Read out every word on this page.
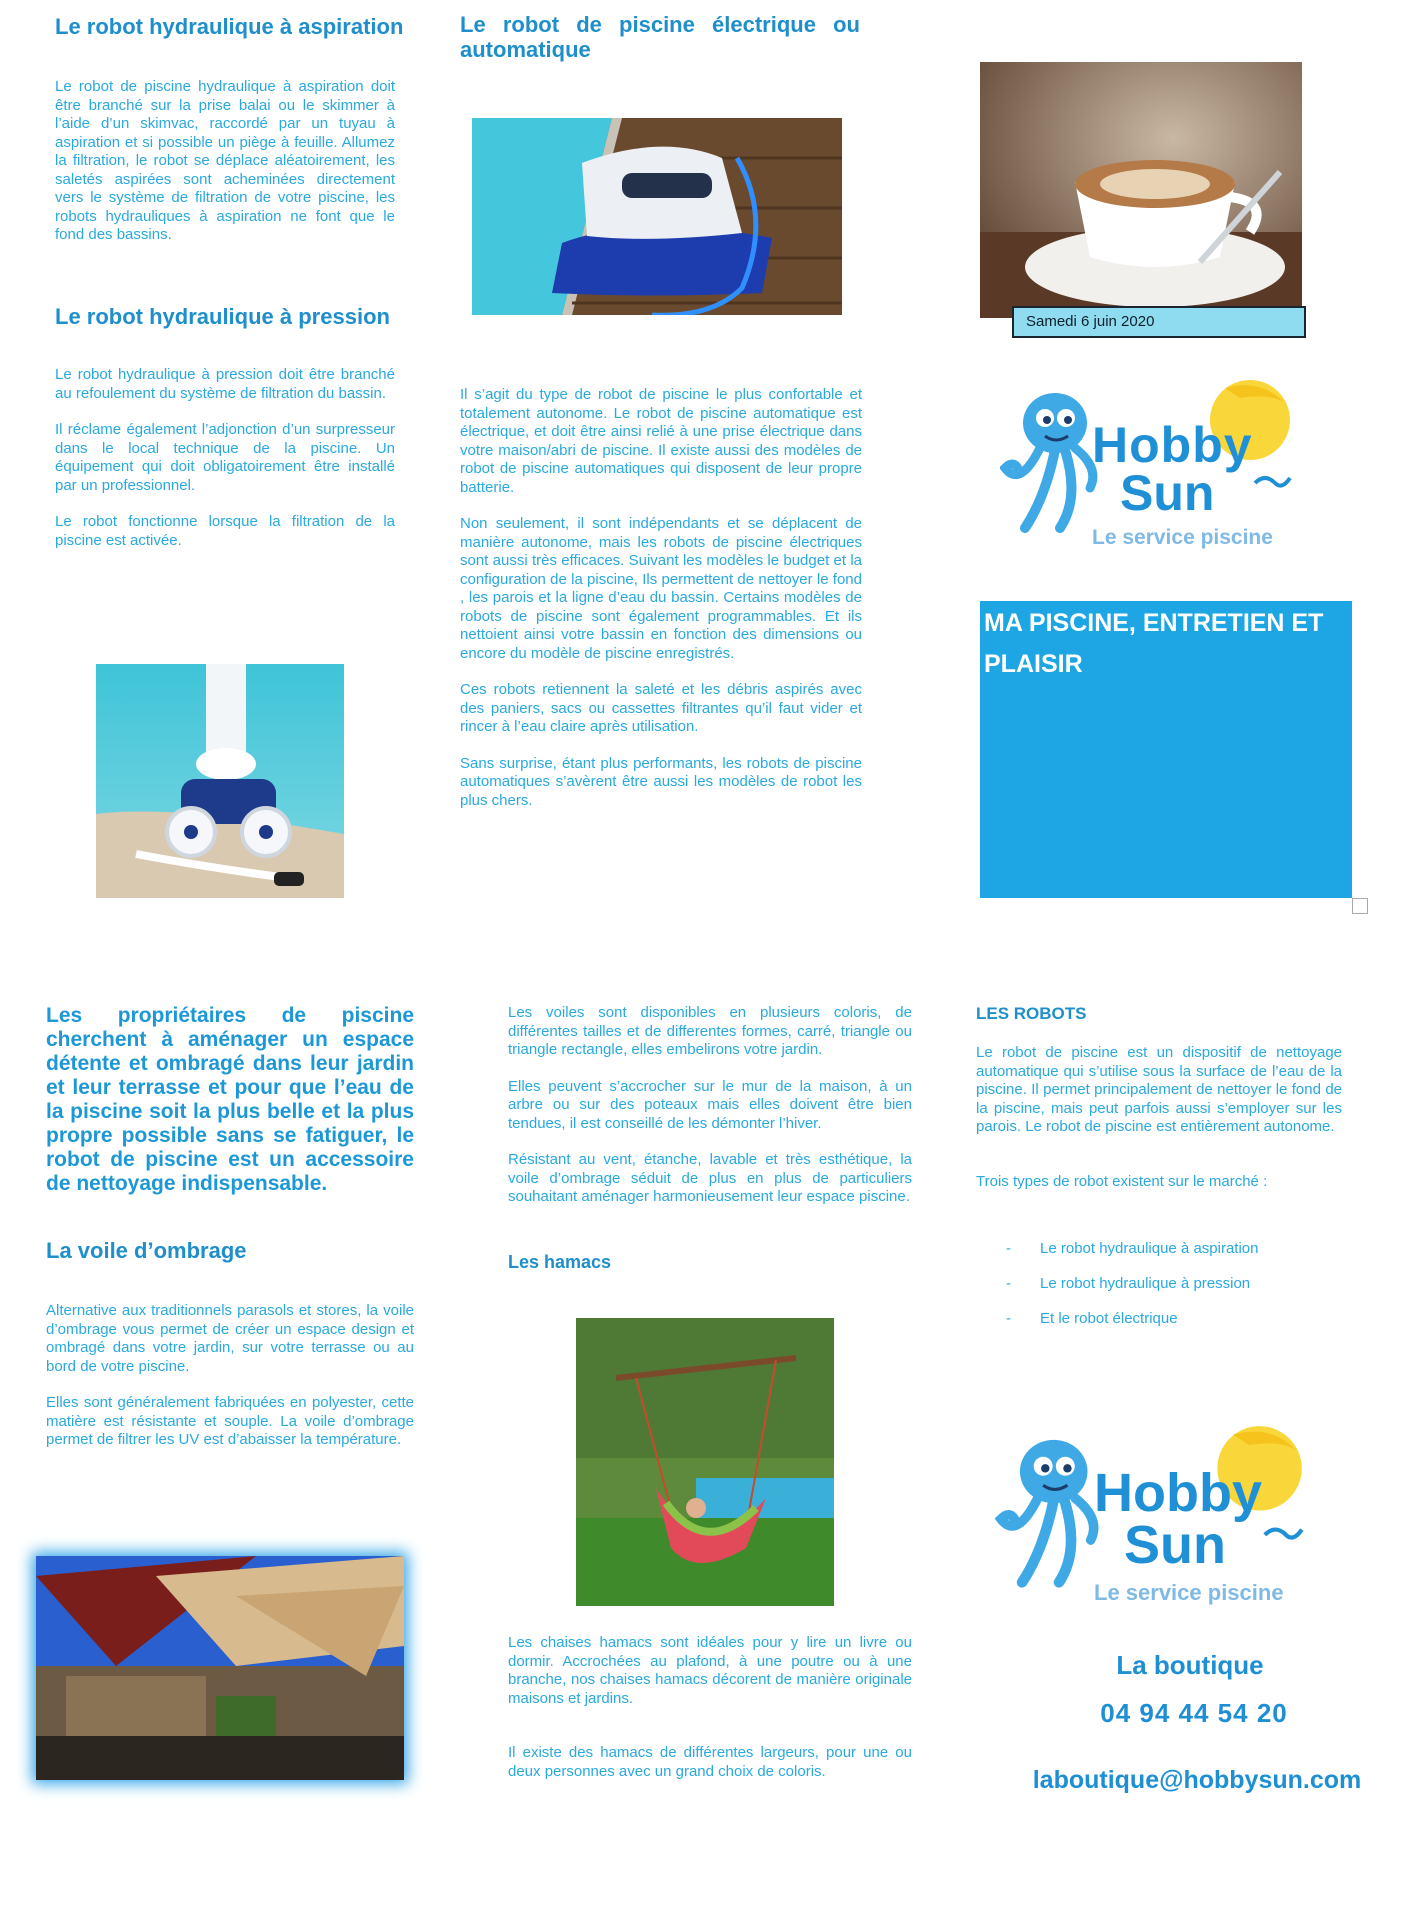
Le robot hydraulique à aspiration

Le robot de piscine hydraulique à aspiration doit être branché sur la prise balai ou le skimmer à l’aide d’un skimvac, raccordé par un tuyau à aspiration et si possible un piège à feuille. Allumez la filtration, le robot se déplace aléatoirement, les saletés aspirées sont acheminées directement vers le système de filtration de votre piscine, les robots hydrauliques à aspiration ne font que le fond des bassins.

Le robot hydraulique à pression

Le robot hydraulique à pression doit être branché au refoulement du système de filtration du bassin.

Il réclame également l’adjonction d’un surpresseur dans le local technique de la piscine. Un équipement qui doit obligatoirement être installé par un professionnel.

Le robot fonctionne lorsque la filtration de la piscine est activée.

Le robot de piscine électrique ou automatique

Il s’agit du type de robot de piscine le plus confortable et totalement autonome. Le robot de piscine automatique est électrique, et doit être ainsi relié à une prise électrique dans votre maison/abri de piscine. Il existe aussi des modèles de robot de piscine automatiques qui disposent de leur propre batterie.

Non seulement, il sont indépendants et se déplacent de manière autonome, mais les robots de piscine électriques sont aussi très efficaces. Suivant les modèles le budget et la configuration de la piscine, Ils permettent de nettoyer le fond , les parois et la ligne d’eau du bassin. Certains modèles de robots de piscine sont également programmables. Et ils nettoient ainsi votre bassin en fonction des dimensions ou encore du modèle de piscine enregistrés.

Ces robots retiennent la saleté et les débris aspirés avec des paniers, sacs ou cassettes filtrantes qu’il faut vider et rincer à l’eau claire après utilisation.

Sans surprise, étant plus performants, les robots de piscine automatiques s’avèrent être aussi les modèles de robot les plus chers.

Samedi 6 juin 2020
Hobby
Sun
Le service piscine
MA PISCINE, ENTRETIEN ET PLAISIR
Les propriétaires de piscine cherchent à aménager un espace détente et ombragé dans leur jardin et leur terrasse et pour que l’eau de la piscine soit la plus belle et la plus propre possible sans se fatiguer, le robot de piscine est un accessoire de nettoyage indispensable.
La voile d’ombrage

Alternative aux traditionnels parasols et stores, la voile d’ombrage vous permet de créer un espace design et ombragé dans votre jardin, sur votre terrasse ou au bord de votre piscine.

Elles sont généralement fabriquées en polyester, cette matière est résistante et souple. La voile d’ombrage permet de filtrer les UV est d’abaisser la température.

Les voiles sont disponibles en plusieurs coloris, de différentes tailles et de differentes formes, carré, triangle ou triangle rectangle, elles embelirons votre jardin.

Elles peuvent s’accrocher sur le mur de la maison, à un arbre ou sur des poteaux mais elles doivent être bien tendues, il est conseillé de les démonter l’hiver.

Résistant au vent, étanche, lavable et très esthétique, la voile d’ombrage séduit de plus en plus de particuliers souhaitant aménager harmonieusement leur espace piscine.

Les hamacs

Les chaises hamacs sont idéales pour y lire un livre ou dormir. Accrochées au plafond, à une poutre ou à une branche, nos chaises hamacs décorent de manière originale maisons et jardins.

Il existe des hamacs de différentes largeurs, pour une ou deux personnes avec un grand choix de coloris.

LES ROBOTS

Le robot de piscine est un dispositif de nettoyage automatique qui s’utilise sous la surface de l’eau de la piscine. Il permet principalement de nettoyer le fond de la piscine, mais peut parfois aussi s’employer sur les parois. Le robot de piscine est entièrement autonome.

Trois types de robot existent sur le marché :

- Le robot hydraulique à aspiration
- Le robot hydraulique à pression
- Et le robot électrique
Hobby
Sun
Le service piscine
La boutique
04 94 44 54 20
laboutique@hobbysun.com
